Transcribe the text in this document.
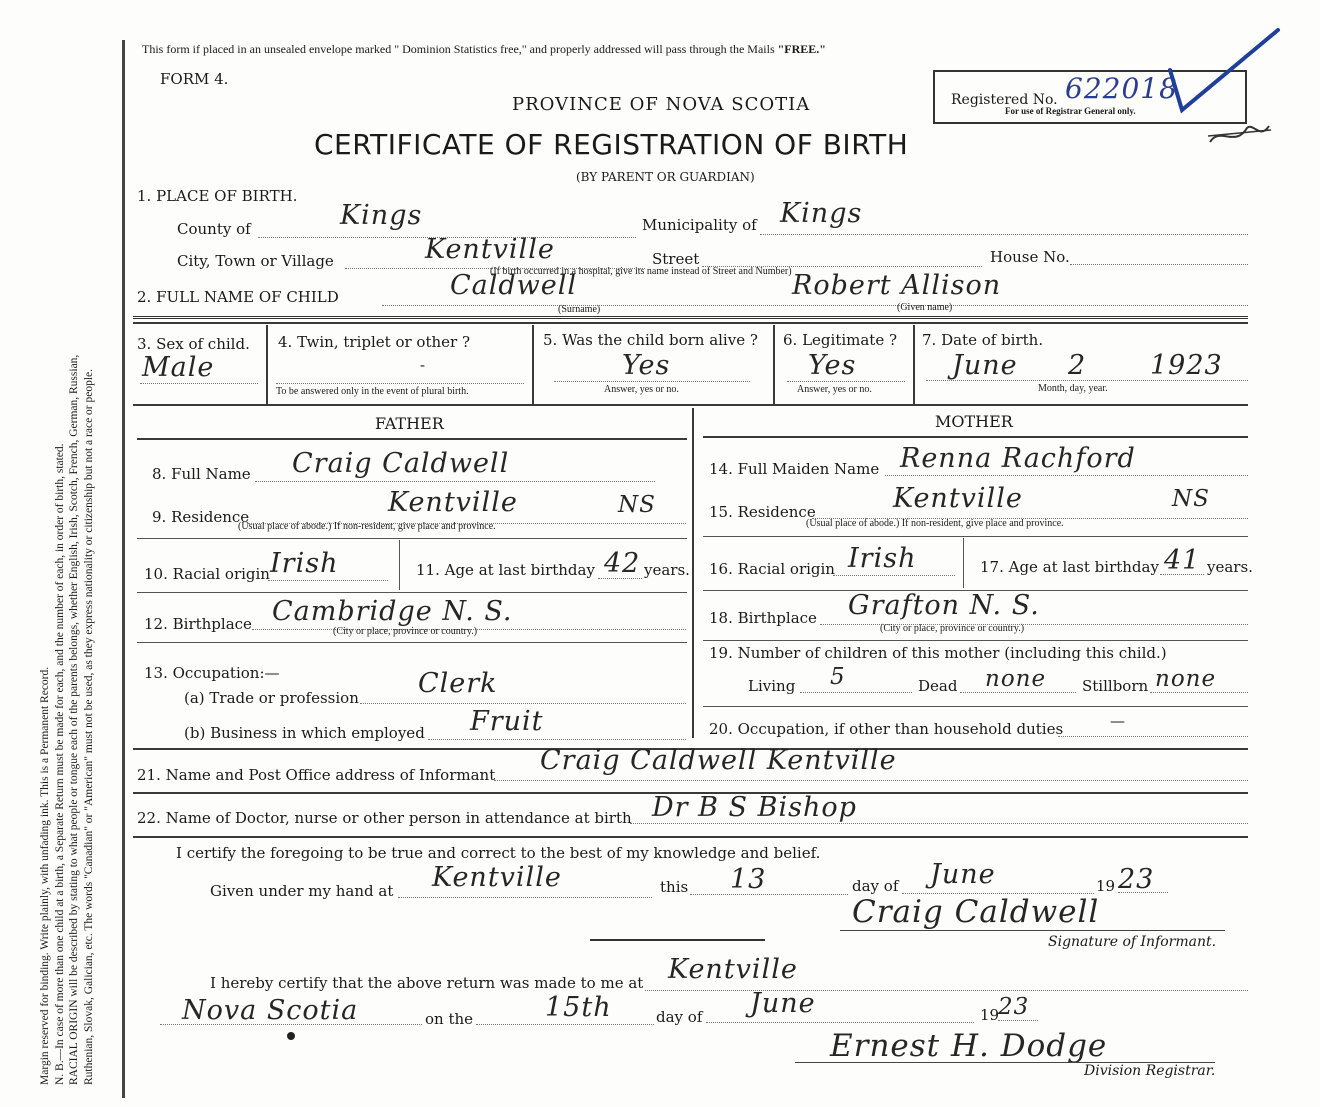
Margin reserved for binding. Write plainly, with unfading ink. This is a Permanent Record. N. B.—In case of more than one child at a birth, a Separate Return must be made for each, and the number of each, in order of birth, stated. RACIAL ORIGIN will be described by stating to what people or tongue each of the parents belongs, whether English, Irish, Scotch, French, German, Russian, Ruthenian, Slovak, Galician, etc. The words "Canadian" or "American" must not be used, as they express nationality or citizenship but not a race or people.
This form if placed in an unsealed envelope marked " Dominion Statistics free," and properly addressed will pass through the Mails "FREE."
FORM 4.
PROVINCE OF NOVA SCOTIA
CERTIFICATE OF REGISTRATION OF BIRTH
(BY PARENT OR GUARDIAN)
Registered No. 622018
For use of Registrar General only.
1. PLACE OF BIRTH.
County of	Kings	Municipality of Kings
City, Town or Village	Kentville	Street	House No.
(If birth occurred in a hospital, give its name instead of Street and Number)
2. FULL NAME OF CHILD	Caldwell	Robert Allison
(Surname)	(Given name)
3. Sex of child.
Male
4. Twin, triplet or other ?
-
To be answered only in the event of plural birth.
5. Was the child born alive ?
Yes
Answer, yes or no.
6. Legitimate ?
Yes
Answer, yes or no.
7. Date of birth.
June 2 1923
Month, day, year.
FATHER	MOTHER
8. Full Name Craig Caldwell
9. Residence	Kentville	NS
(Usual place of abode.) If non-resident, give place and province.
10. Racial origin Irish	11. Age at last birthday 42 years.
12. Birthplace Cambridge N. S.
(City or place, province or country.)
13. Occupation:—
(a) Trade or profession Clerk
(b) Business in which employed Fruit
14. Full Maiden Name Renna Rachford
15. Residence	Kentville	NS
(Usual place of abode.) If non-resident, give place and province.
16. Racial origin Irish	17. Age at last birthday 41 years.
18. Birthplace Grafton N. S.
(City or place, province or country.)
19. Number of children of this mother (including this child.)
Living 5	Dead none Stillborn none
20. Occupation, if other than household duties	—
21. Name and Post Office address of Informant Craig Caldwell Kentville
22. Name of Doctor, nurse or other person in attendance at birth Dr B S Bishop
I certify the foregoing to be true and correct to the best of my knowledge and belief.
Given under my hand at Kentville	this 13	day of June	19 23
Craig Caldwell
Signature of Informant.
I hereby certify that the above return was made to me at Kentville
Nova Scotia	on the	15th	day of June	19
23
Ernest H. Dodge
Division Registrar.
